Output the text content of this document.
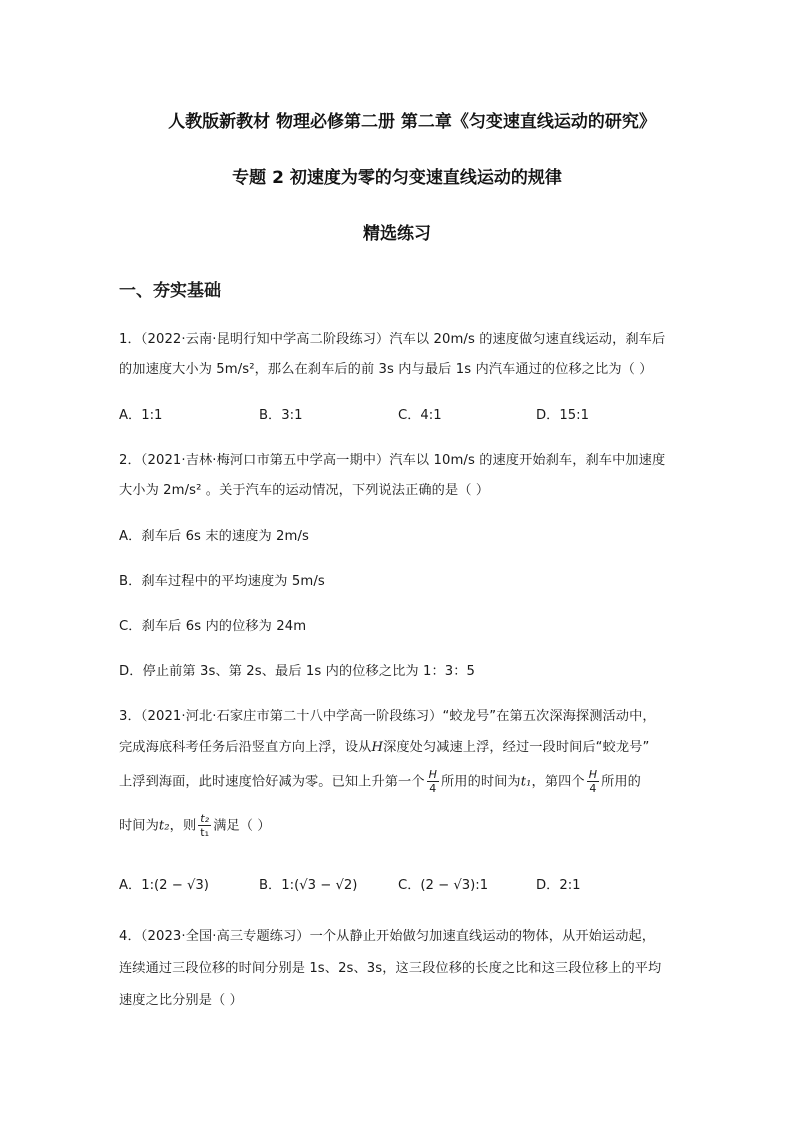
人教版新教材 物理必修第二册 第二章《匀变速直线运动的研究》
专题 2 初速度为零的匀变速直线运动的规律
精选练习
一、夯实基础
1．（2022·云南·昆明行知中学高二阶段练习）汽车以 20m/s 的速度做匀速直线运动，刹车后
的加速度大小为 5m/s²，那么在刹车后的前 3s 内与最后 1s 内汽车通过的位移之比为（ ）
A．1:1	B．3:1	C．4:1	D．15:1
2．（2021·吉林·梅河口市第五中学高一期中）汽车以 10m/s 的速度开始刹车，刹车中加速度
大小为 2m/s² 。关于汽车的运动情况，下列说法正确的是（ ）
A．刹车后 6s 末的速度为 2m/s
B．刹车过程中的平均速度为 5m/s
C．刹车后 6s 内的位移为 24m
D．停止前第 3s、第 2s、最后 1s 内的位移之比为 1：3：5
3．（2021·河北·石家庄市第二十八中学高一阶段练习）“蛟龙号”在第五次深海探测活动中，
完成海底科考任务后沿竖直方向上浮，设从H深度处匀减速上浮，经过一段时间后“蛟龙号”
上浮到海面，此时速度恰好减为零。已知上升第一个 $\frac{H}{4}$ 所用的时间为t₁，第四个 $\frac{H}{4}$ 所用的
时间为t₂，则 $\frac{\text{t₂}}{\text{t₁}}$ 满足（ ）
A．1:(2 − √3)	B．1:(√3 − √2)	C．(2 − √3):1	D．2:1
4．（2023·全国·高三专题练习）一个从静止开始做匀加速直线运动的物体，从开始运动起，
连续通过三段位移的时间分别是 1s、2s、3s，这三段位移的长度之比和这三段位移上的平均
速度之比分别是（ ）
